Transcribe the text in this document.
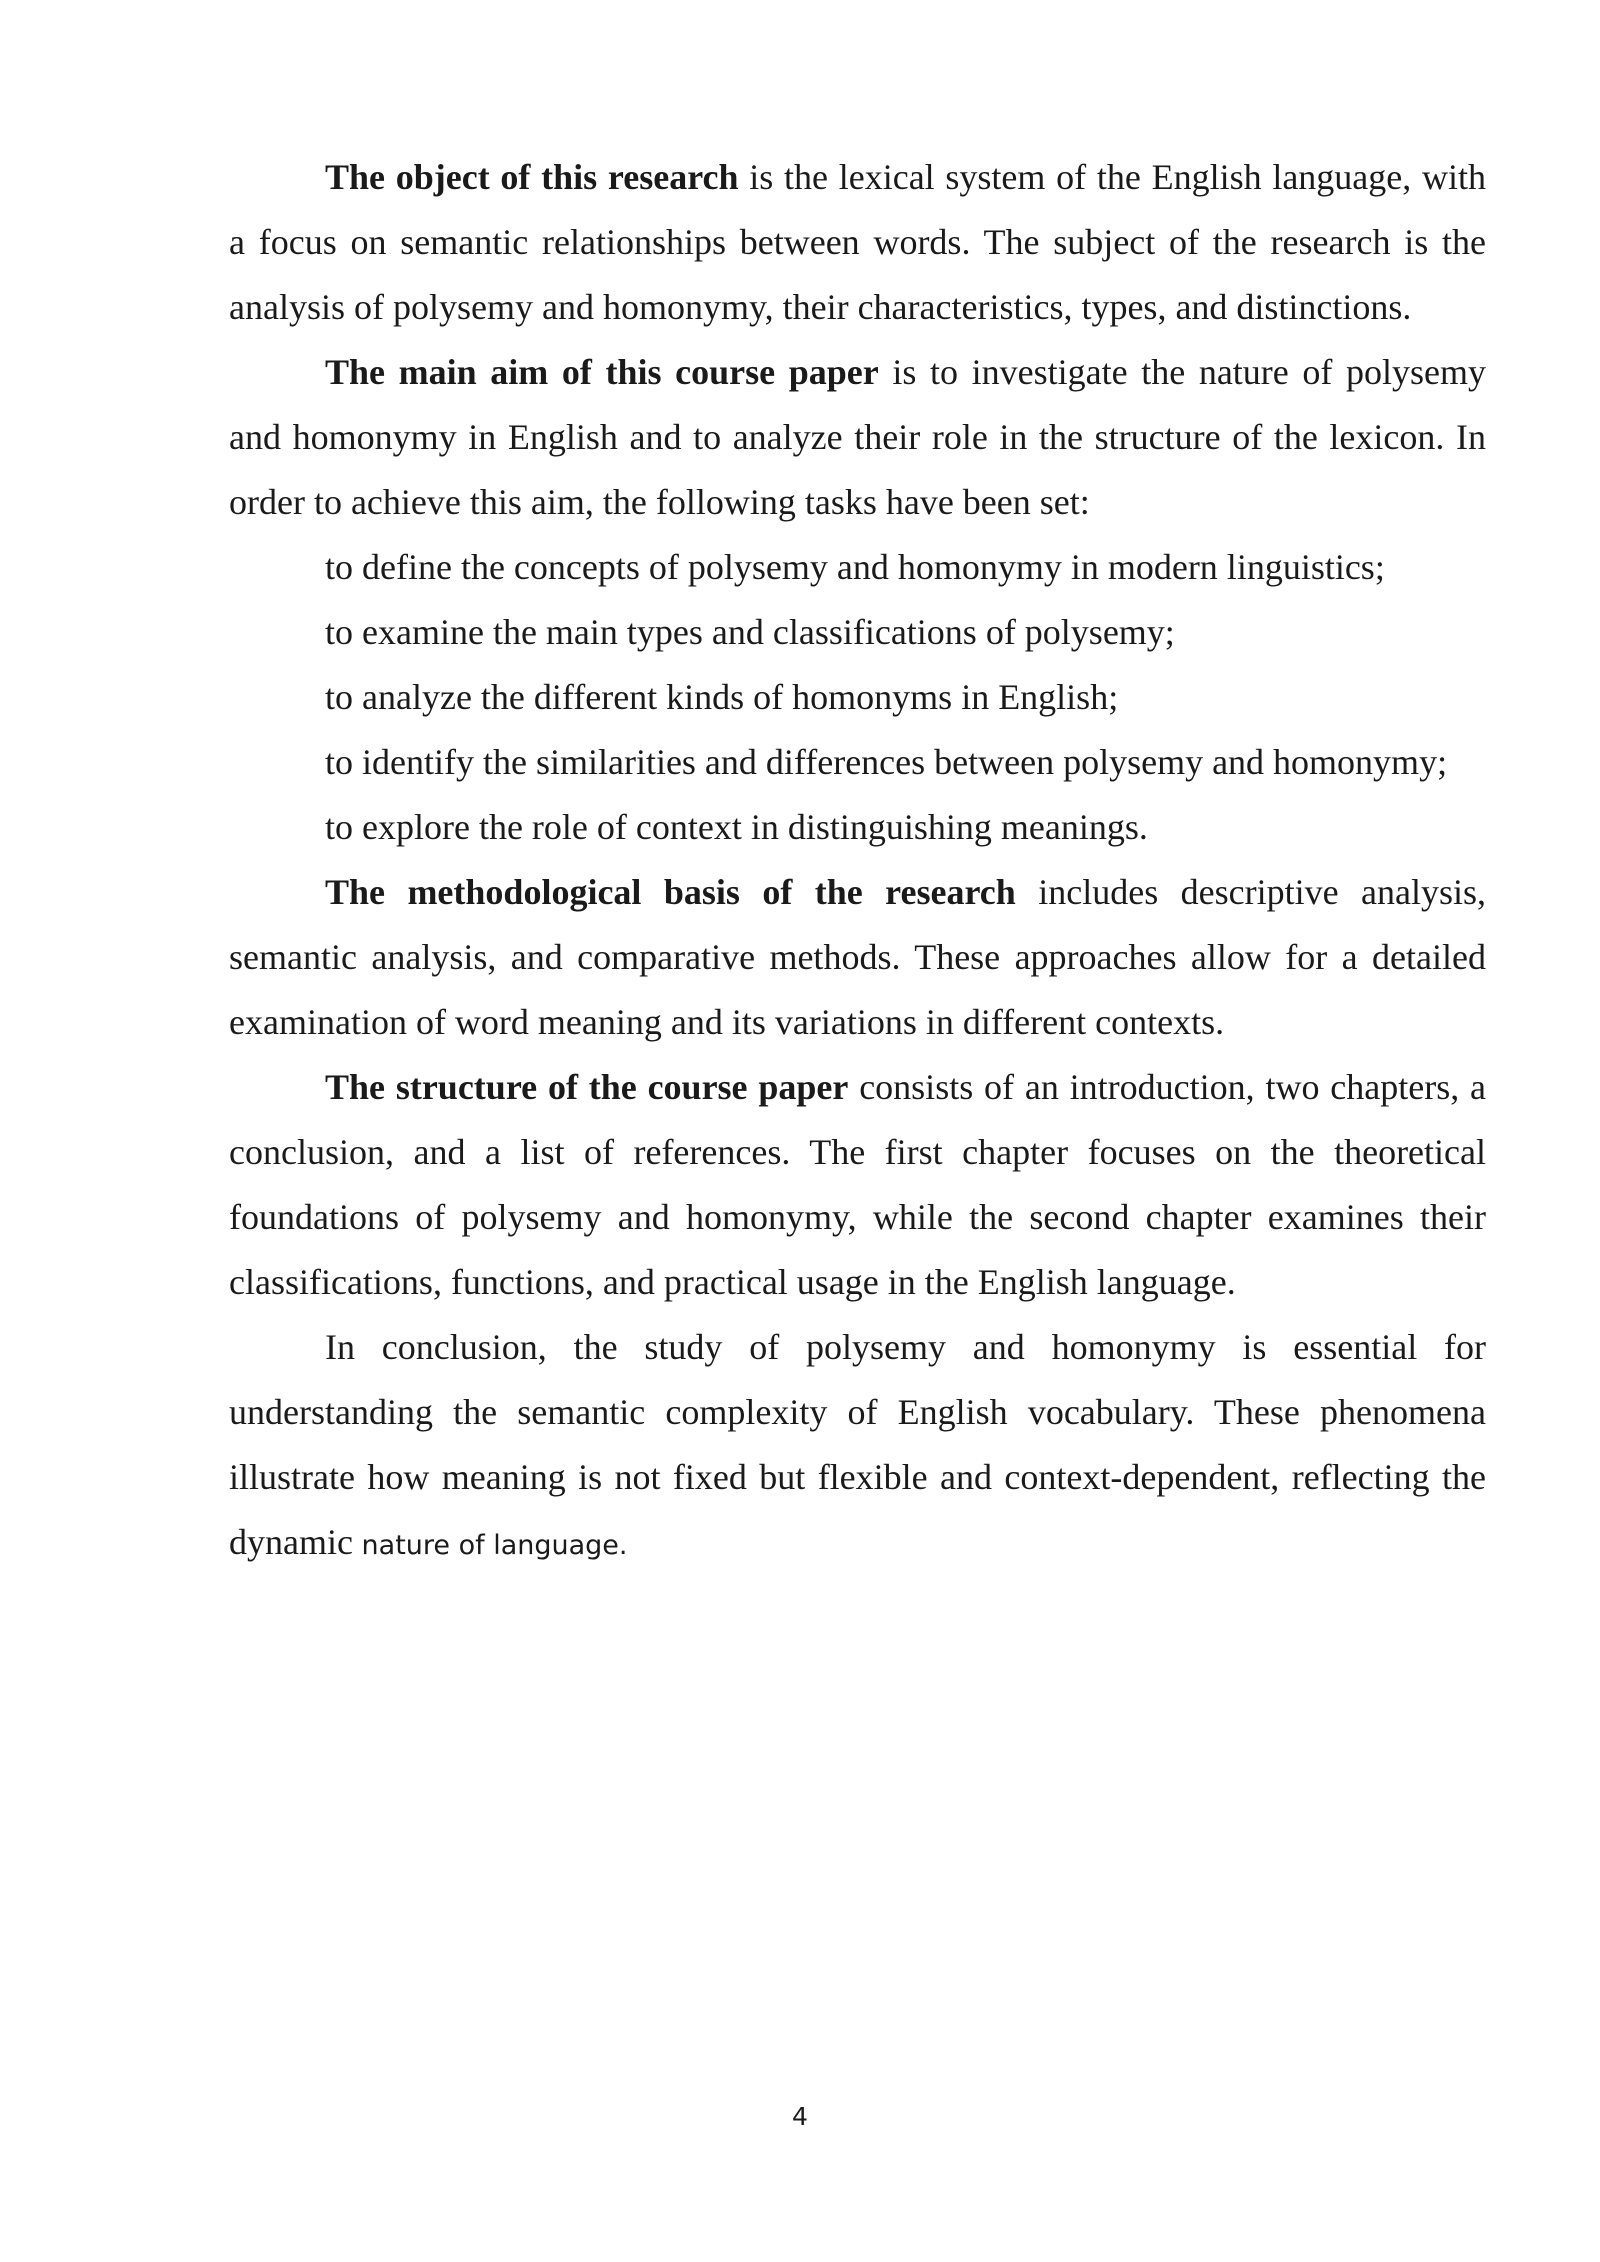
The object of this research is the lexical system of the English language, with a focus on semantic relationships between words. The subject of the research is the analysis of polysemy and homonymy, their characteristics, types, and distinctions.

The main aim of this course paper is to investigate the nature of polysemy and homonymy in English and to analyze their role in the structure of the lexicon. In order to achieve this aim, the following tasks have been set:

to define the concepts of polysemy and homonymy in modern linguistics;

to examine the main types and classifications of polysemy;

to analyze the different kinds of homonyms in English;

to identify the similarities and differences between polysemy and homonymy;

to explore the role of context in distinguishing meanings.

The methodological basis of the research includes descriptive analysis, semantic analysis, and comparative methods. These approaches allow for a detailed examination of word meaning and its variations in different contexts.

The structure of the course paper consists of an introduction, two chapters, a conclusion, and a list of references. The first chapter focuses on the theoretical foundations of polysemy and homonymy, while the second chapter examines their classifications, functions, and practical usage in the English language.

In conclusion, the study of polysemy and homonymy is essential for understanding the semantic complexity of English vocabulary. These phenomena illustrate how meaning is not fixed but flexible and context-dependent, reflecting the dynamic nature of language.

4
